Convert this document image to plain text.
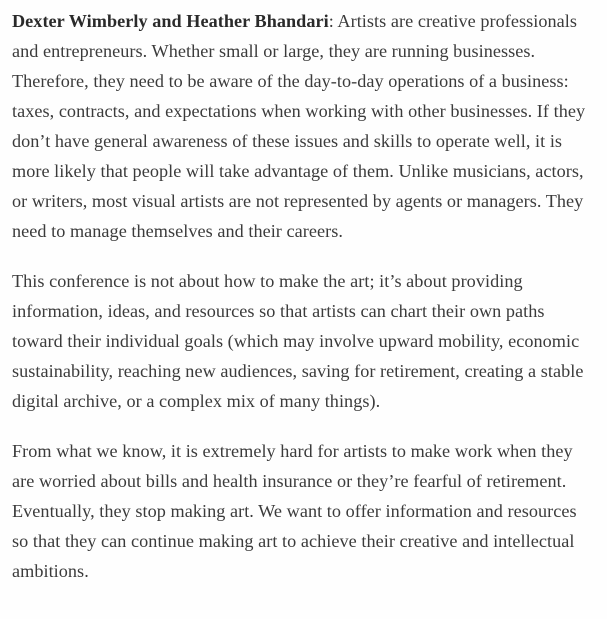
Dexter Wimberly and Heather Bhandari: Artists are creative professionals and entrepreneurs. Whether small or large, they are running businesses. Therefore, they need to be aware of the day-to-day operations of a business: taxes, contracts, and expectations when working with other businesses. If they don’t have general awareness of these issues and skills to operate well, it is more likely that people will take advantage of them. Unlike musicians, actors, or writers, most visual artists are not represented by agents or managers. They need to manage themselves and their careers.

This conference is not about how to make the art; it’s about providing information, ideas, and resources so that artists can chart their own paths toward their individual goals (which may involve upward mobility, economic sustainability, reaching new audiences, saving for retirement, creating a stable digital archive, or a complex mix of many things).

From what we know, it is extremely hard for artists to make work when they are worried about bills and health insurance or they’re fearful of retirement. Eventually, they stop making art. We want to offer information and resources so that they can continue making art to achieve their creative and intellectual ambitions.
